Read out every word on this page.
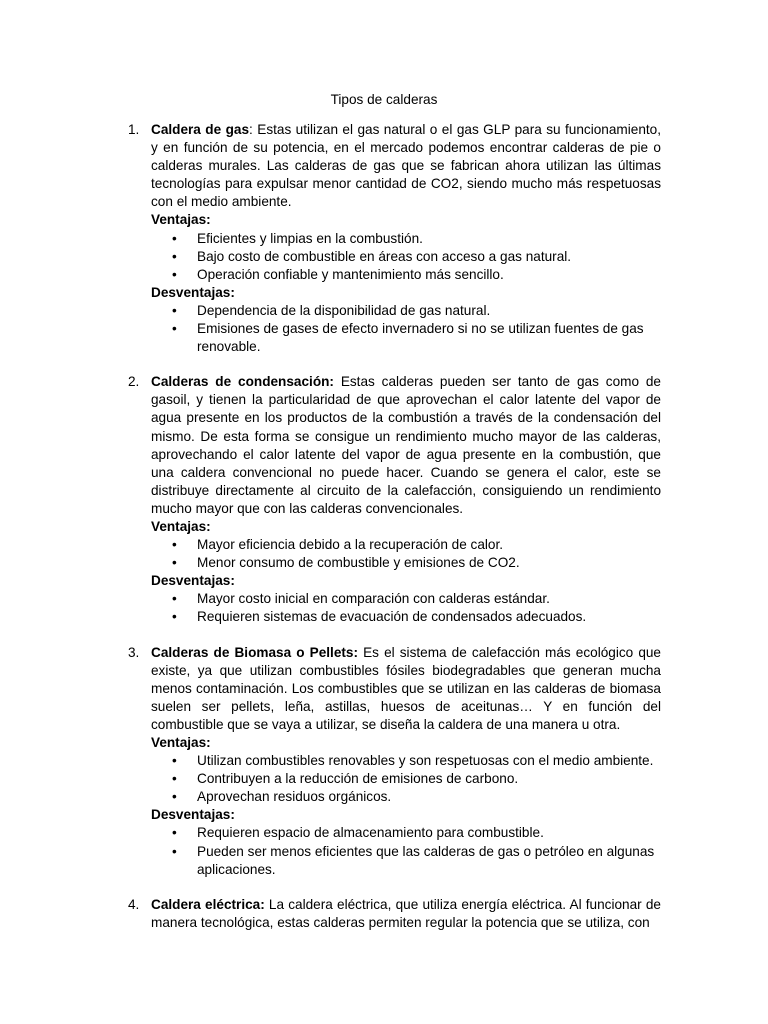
Tipos de calderas
1. Caldera de gas: Estas utilizan el gas natural o el gas GLP para su funcionamiento, y en función de su potencia, en el mercado podemos encontrar calderas de pie o calderas murales. Las calderas de gas que se fabrican ahora utilizan las últimas tecnologías para expulsar menor cantidad de CO2, siendo mucho más respetuosas con el medio ambiente.

Ventajas:

• Eficientes y limpias en la combustión.
• Bajo costo de combustible en áreas con acceso a gas natural.
• Operación confiable y mantenimiento más sencillo.

Desventajas:

• Dependencia de la disponibilidad de gas natural.
• Emisiones de gases de efecto invernadero si no se utilizan fuentes de gas renovable.
2. Calderas de condensación: Estas calderas pueden ser tanto de gas como de gasoil, y tienen la particularidad de que aprovechan el calor latente del vapor de agua presente en los productos de la combustión a través de la condensación del mismo. De esta forma se consigue un rendimiento mucho mayor de las calderas, aprovechando el calor latente del vapor de agua presente en la combustión, que una caldera convencional no puede hacer. Cuando se genera el calor, este se distribuye directamente al circuito de la calefacción, consiguiendo un rendimiento mucho mayor que con las calderas convencionales.

Ventajas:

• Mayor eficiencia debido a la recuperación de calor.
• Menor consumo de combustible y emisiones de CO2.

Desventajas:

• Mayor costo inicial en comparación con calderas estándar.
• Requieren sistemas de evacuación de condensados adecuados.
3. Calderas de Biomasa o Pellets: Es el sistema de calefacción más ecológico que existe, ya que utilizan combustibles fósiles biodegradables que generan mucha menos contaminación. Los combustibles que se utilizan en las calderas de biomasa suelen ser pellets, leña, astillas, huesos de aceitunas… Y en función del combustible que se vaya a utilizar, se diseña la caldera de una manera u otra.

Ventajas:

• Utilizan combustibles renovables y son respetuosas con el medio ambiente.
• Contribuyen a la reducción de emisiones de carbono.
• Aprovechan residuos orgánicos.

Desventajas:

• Requieren espacio de almacenamiento para combustible.
• Pueden ser menos eficientes que las calderas de gas o petróleo en algunas aplicaciones.
4. Caldera eléctrica: La caldera eléctrica, que utiliza energía eléctrica. Al funcionar de manera tecnológica, estas calderas permiten regular la potencia que se utiliza, con
